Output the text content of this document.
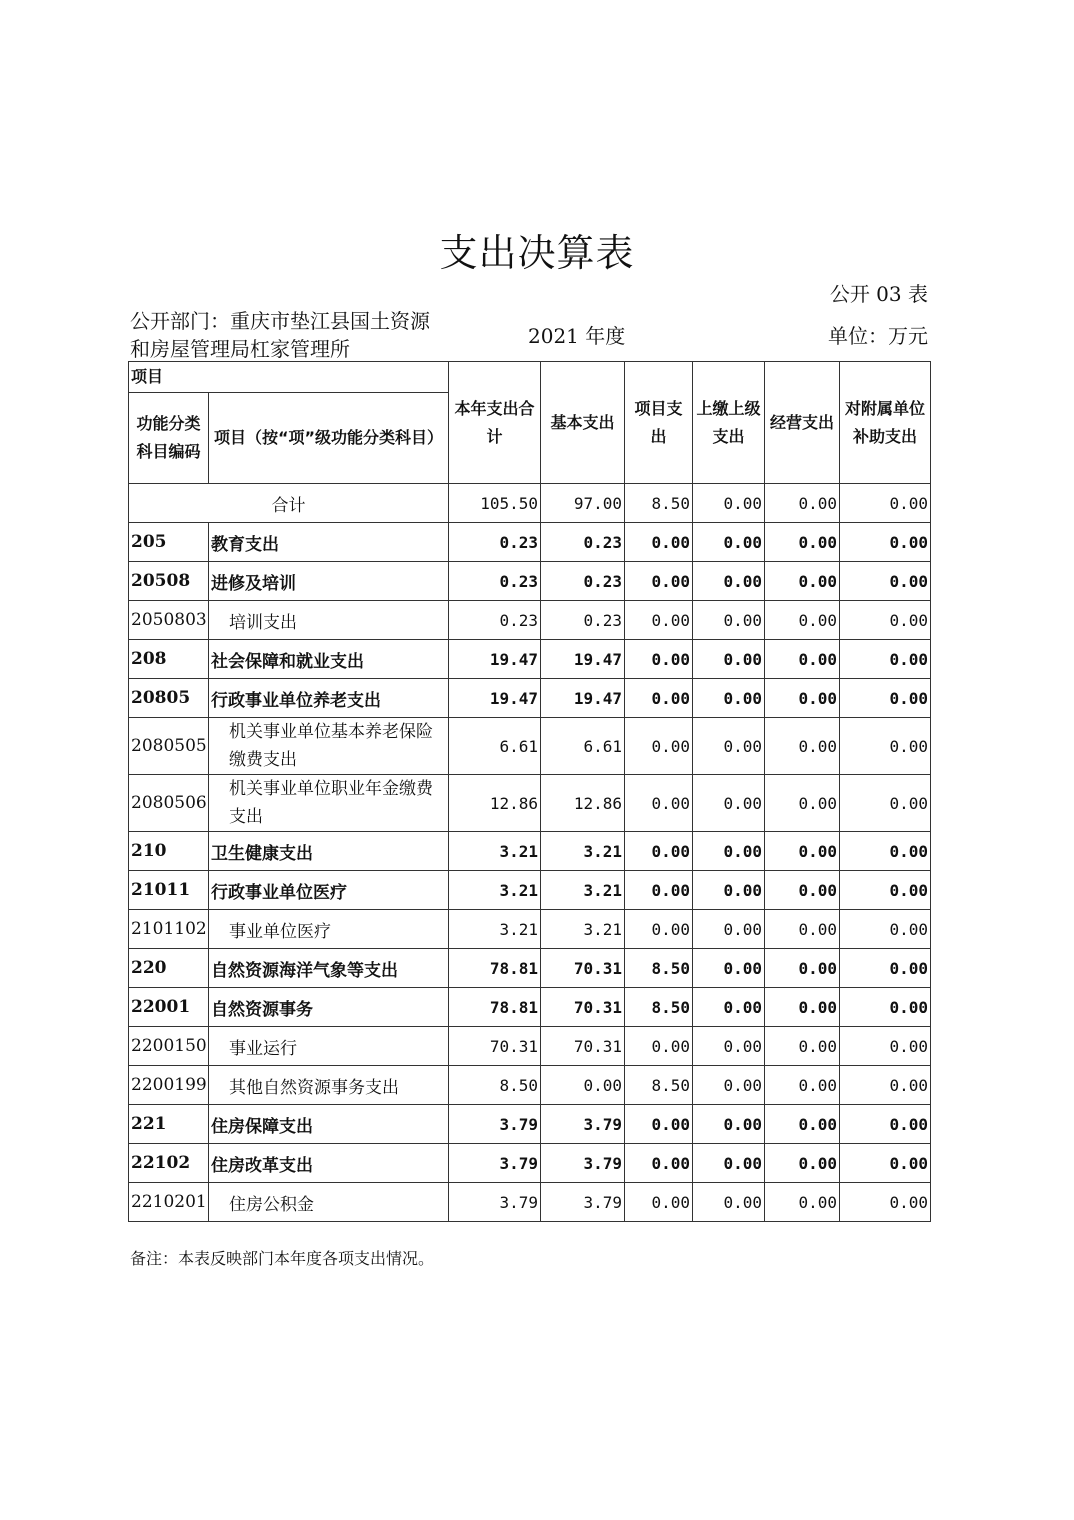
支出决算表
公开 03 表
公开部门：重庆市垫江县国土资源
和房屋管理局杠家管理所
2021 年度	单位：万元
项目		本年支出合计	基本支出	项目支出	上缴上级支出	经营支出	对附属单位补助支出
功能分类科目编码	项目（按“项”级功能分类科目）						
合计		105.50	97.00	8.50	0.00	0.00	0.00
205	教育支出	0.23	0.23	0.00	0.00	0.00	0.00
20508	进修及培训	0.23	0.23	0.00	0.00	0.00	0.00
2050803	培训支出	0.23	0.23	0.00	0.00	0.00	0.00
208	社会保障和就业支出	19.47	19.47	0.00	0.00	0.00	0.00
20805	行政事业单位养老支出	19.47	19.47	0.00	0.00	0.00	0.00
2080505	机关事业单位基本养老保险缴费支出	6.61	6.61	0.00	0.00	0.00	0.00
2080506	机关事业单位职业年金缴费支出	12.86	12.86	0.00	0.00	0.00	0.00
210	卫生健康支出	3.21	3.21	0.00	0.00	0.00	0.00
21011	行政事业单位医疗	3.21	3.21	0.00	0.00	0.00	0.00
2101102	事业单位医疗	3.21	3.21	0.00	0.00	0.00	0.00
220	自然资源海洋气象等支出	78.81	70.31	8.50	0.00	0.00	0.00
22001	自然资源事务	78.81	70.31	8.50	0.00	0.00	0.00
2200150	事业运行	70.31	70.31	0.00	0.00	0.00	0.00
2200199	其他自然资源事务支出	8.50	0.00	8.50	0.00	0.00	0.00
221	住房保障支出	3.79	3.79	0.00	0.00	0.00	0.00
22102	住房改革支出	3.79	3.79	0.00	0.00	0.00	0.00
2210201	住房公积金	3.79	3.79	0.00	0.00	0.00	0.00
备注：本表反映部门本年度各项支出情况。
